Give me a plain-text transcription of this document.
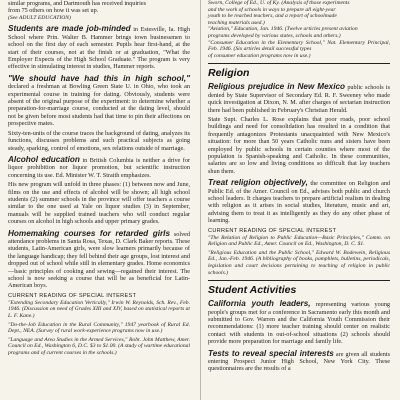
similar programs, and Dartmouth has received inquiries

from 75 others on how it was set up.

(See ADULT EDUCATION)

Students are made job-minded in Estesville, Ia. High School where Prin. Walter B. Hammer brings town businessmen to school on the first day of each semester. Pupils hear first-hand, at the start of their courses, not at the finish or at graduation, "What the Employer Expects of the High School Graduate." The program is very effective in stimulating interest in studies, Hammer reports.

"We should have had this in high school," declared a freshman at Bowling Green State U. in Ohio, who took an experimental course in training for dating. Obviously, students were absent of the original purpose of the experiment: to determine whether a preparation-for-marriage course, conducted at the dating level, should not be given before most students had that time to pin their affections on prospective mates.

Sixty-ten-units of the course traces the background of dating, analyzes its functions, discusses problems and such practical subjects as going steady, sparking, control of emotions, sex relations outside of marriage.

Alcohol education in British Columbia is neither a drive for liquor prohibition nor liquor promotion, but scientific instruction concerning its use. Ed. Minister W. T. Straith emphasizes.

His new program will unfold in three phases: (1) between now and June, films on the use and effects of alcohol will be shown; all high school students (2) summer schools in the province will offer teachers a course similar to the one used at Yale on liquor studies (3) in September, manuals will be supplied trained teachers who will conduct regular courses on alcohol in high schools and upper primary grades.

Homemaking courses for retarded girls solved attendance problems in Santa Rosa, Texas, D. Clark Baker reports. These students, Latin-American girls, were slow learners primarily because of the language handicap; they fell behind their age groups, lost interest and dropped out of school while still in elementary grades. Home economics—basic principles of cooking and sewing—regained their interest. The school is now seeking a course that will be as beneficial for Latin-American boys.

CURRENT READING OF SPECIAL INTEREST

"Extending Secondary Education Vertically," Irwin W. Reynolds, Sch. Rev., Feb. 1946. (Discussion on need of Grades XIII and XIV, based on statistical reports at L. F. Kane.)

"Do-the-Job Education in the Rural Community," 1947 yearbook of Rural Ed. Dept., NEA. (Survey of rural work-experience programs now in use.)

"Language and Area Studies in the Armed Services," Robt. John Matthew, Amer. Council on Ed., Washington 6, D.C. $3 to $1.00. (A study of wartime educational programs and of current courses in the schools.)

Sworn, College of Ed., U. of Ky. (Analysis of those experiments

and the work of schools in ways to prepare all eight-year

youth to be reached teachers, and a report of schoolmade

teaching materials used.)

"Aviation," Education, Jan. 1946. (Twelve articles present aviation

programs developed by various states, schools and others.)

"Consumer Education in the Elementary School," Nat. Elementary Principal, Feb. 1946. (Six articles detail successful types

of consumer education programs now in use.)

Religion

Religious prejudice in New Mexico public schools is denied by State Supervisor of Secondary Ed. R. F. Sweeney who made quick investigation at Dixon, N. M. after charges of sectarian instruction there had been published in February's Christian Herald.

State Supt. Charles L. Rose explains that poor roads, poor school buildings and need for consolidation has resulted in a condition that frequently antagonizes Protestants unacquainted with New Mexico's situation: for more than 50 years Catholic nuns and sisters have been employed by public schools in certain counties where most of the population is Spanish-speaking and Catholic. In these communities, salaries are so low and living conditions so difficult that lay teachers shun them.

Treat religion objectively, the committee on Religion and Public Ed. of the Amer. Council on Ed., advises both public and church school leaders. It charges teachers to prepare artificial realism in dealing with religion as it arises in social studies, literature, music and art, advising them to treat it as intelligently as they do any other phase of learning.

CURRENT READING OF SPECIAL INTEREST

"The Relation of Religion to Public Education—Basic Principles," Comm. on Religion and Public Ed., Amer. Council on Ed., Washington, D. C. $1.

"Religious Education and the Public School," Edward W. Bodewein, Religious Ed., Jan.-Feb. 1946. (A bibliography of books, pamphlets, bulletins, periodicals, legislation and court decisions pertaining to teaching of religion in public schools.)

Student Activities

California youth leaders, representing various young people's groups met for a conference in Sacramento early this month and submitted to Gov. Warren and the California Youth Commission their recommendations: (1) more teacher training should center on realistic contact with students in out-of-school situations (2) schools should provide more preparation for marriage and family life.

Tests to reveal special interests are given all students entering Prospect Junior High School, New York City. These questionnaires are the results of a
